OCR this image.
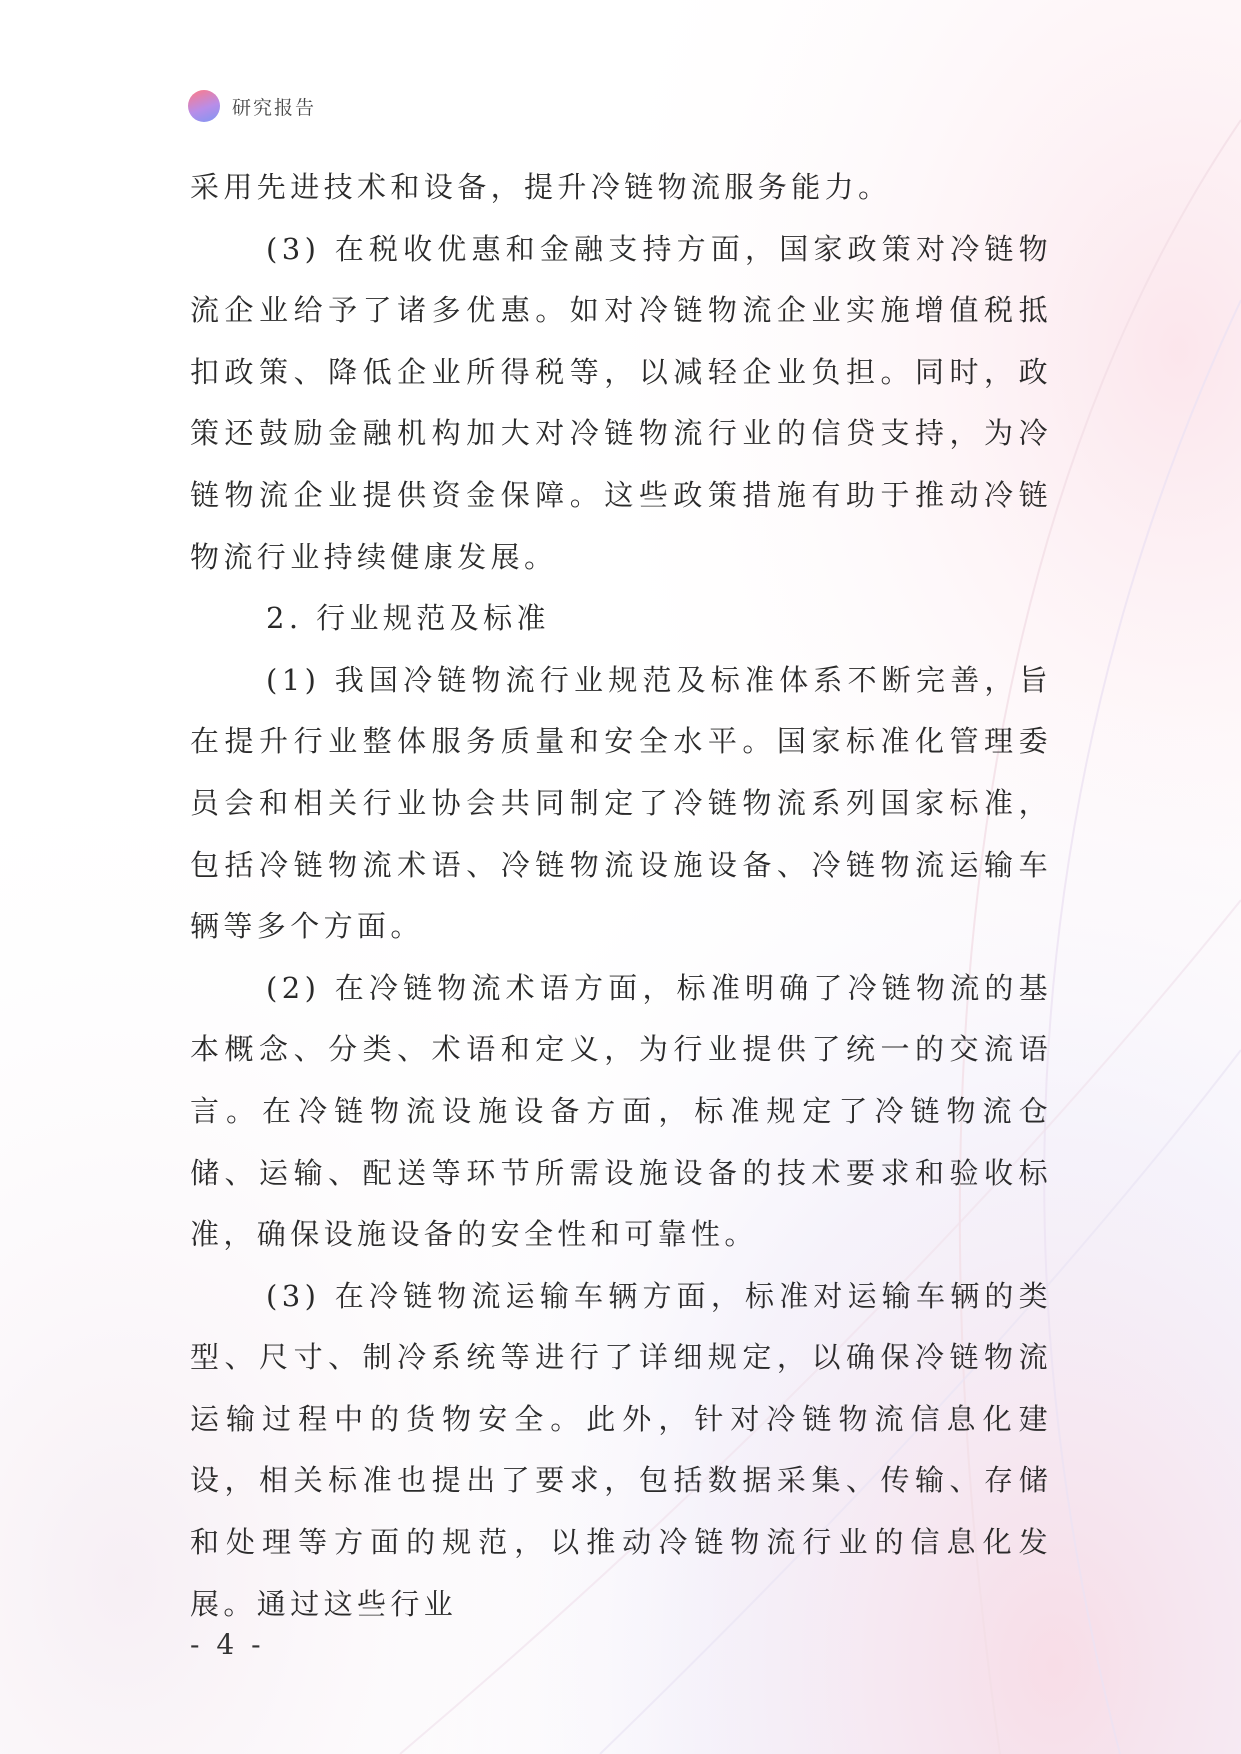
研究报告

采用先进技术和设备，提升冷链物流服务能力。

(3) 在税收优惠和金融支持方面，国家政策对冷链物流企业给予了诸多优惠。如对冷链物流企业实施增值税抵扣政策、降低企业所得税等，以减轻企业负担。同时，政策还鼓励金融机构加大对冷链物流行业的信贷支持，为冷链物流企业提供资金保障。这些政策措施有助于推动冷链物流行业持续健康发展。

2. 行业规范及标准

(1) 我国冷链物流行业规范及标准体系不断完善，旨在提升行业整体服务质量和安全水平。国家标准化管理委员会和相关行业协会共同制定了冷链物流系列国家标准，包括冷链物流术语、冷链物流设施设备、冷链物流运输车辆等多个方面。

(2) 在冷链物流术语方面，标准明确了冷链物流的基本概念、分类、术语和定义，为行业提供了统一的交流语言。在冷链物流设施设备方面，标准规定了冷链物流仓储、运输、配送等环节所需设施设备的技术要求和验收标准，确保设施设备的安全性和可靠性。

(3) 在冷链物流运输车辆方面，标准对运输车辆的类型、尺寸、制冷系统等进行了详细规定，以确保冷链物流运输过程中的货物安全。此外，针对冷链物流信息化建设，相关标准也提出了要求，包括数据采集、传输、存储和处理等方面的规范，以推动冷链物流行业的信息化发展。通过这些行业

- 4 -
